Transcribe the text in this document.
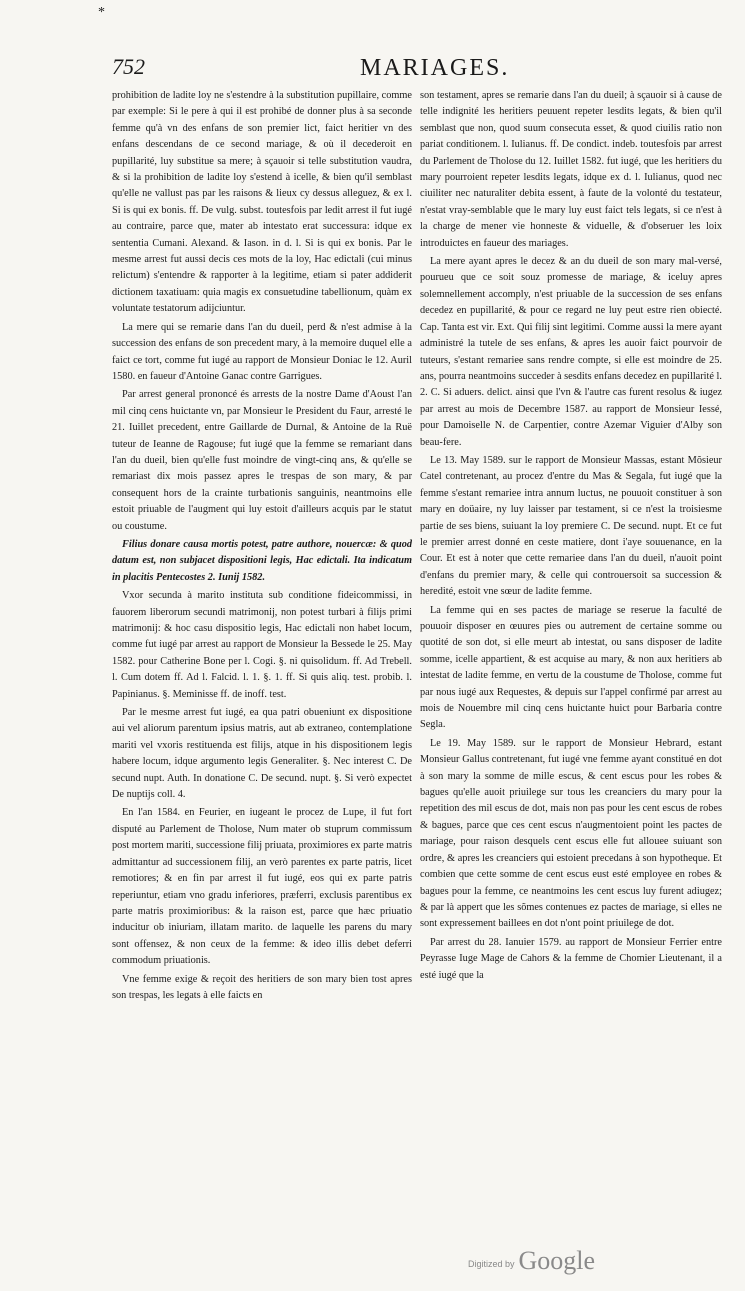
*
752	MARIAGES.

prohibition de ladite loy ne s'estendre à la substitution pupillaire, comme par exemple: Si le pere à qui il est prohibé de donner plus à sa seconde femme qu'à vn des enfans de son premier lict, faict heritier vn des enfans descendans de ce second mariage, & où il decederoit en pupillarité, luy substitue sa mere; à sçauoir si telle substitution vaudra, & si la prohibition de ladite loy s'estend à icelle, & bien qu'il semblast qu'elle ne vallust pas par les raisons & lieux cy dessus alleguez, & ex l. Si is qui ex bonis. ff. De vulg. subst. toutesfois par ledit arrest il fut iugé au contraire, parce que, mater ab intestato erat successura: idque ex sententia Cumani. Alexand. & Iason. in d. l. Si is qui ex bonis. Par le mesme arrest fut aussi decis ces mots de la loy, Hac edictali (cui minus relictum) s'entendre & rapporter à la legitime, etiam si pater addiderit dictionem taxatiuam: quia magis ex consuetudine tabellionum, quàm ex voluntate testatorum adijciuntur.

La mere qui se remarie dans l'an du dueil, perd & n'est admise à la succession des enfans de son precedent mary, à la memoire duquel elle a faict ce tort, comme fut iugé au rapport de Monsieur Doniac le 12. Auril 1580. en faueur d'Antoine Ganac contre Garrigues.

Par arrest general prononcé és arrests de la nostre Dame d'Aoust l'an mil cinq cens huictante vn, par Monsieur le President du Faur, arresté le 21. Iuillet precedent, entre Gaillarde de Durnal, & Antoine de la Ruë tuteur de Ieanne de Ragouse; fut iugé que la femme se remariant dans l'an du dueil, bien qu'elle fust moindre de vingt-cinq ans, & qu'elle se remariast dix mois passez apres le trespas de son mary, & par consequent hors de la crainte turbationis sanguinis, neantmoins elle estoit priuable de l'augment qui luy estoit d'ailleurs acquis par le statut ou coustume.

Filius donare causa mortis potest, patre authore, nouercæ: & quod datum est, non subjacet dispositioni legis, Hac edictali. Ita indicatum in placitis Pentecostes 2. Iunij 1582.

Vxor secunda à marito instituta sub conditione fideicommissi, in fauorem liberorum secundi matrimonij, non potest turbari à filijs primi matrimonij: & hoc casu dispositio legis, Hac edictali non habet locum, comme fut iugé par arrest au rapport de Monsieur la Bessede le 25. May 1582. pour Catherine Bone per l. Cogi. §. ni quisolidum. ff. Ad Trebell. l. Cum dotem ff. Ad l. Falcid. l. 1. §. 1. ff. Si quis aliq. test. probib. l. Papinianus. §. Meminisse ff. de inoff. test.

Par le mesme arrest fut iugé, ea qua patri obueniunt ex dispositione aui vel aliorum parentum ipsius matris, aut ab extraneo, contemplatione mariti vel vxoris restituenda est filijs, atque in his dispositionem legis habere locum, idque argumento legis Generaliter. §. Nec interest C. De secund nupt. Auth. In donatione C. De secund. nupt. §. Si verò expectet De nuptijs coll. 4.

En l'an 1584. en Feurier, en iugeant le procez de Lupe, il fut fort disputé au Parlement de Tholose, Num mater ob stuprum commissum post mortem mariti, successione filij priuata, proximiores ex parte matris admittantur ad successionem filij, an verò parentes ex parte patris, licet remotiores; & en fin par arrest il fut iugé, eos qui ex parte patris reperiuntur, etiam vno gradu inferiores, præferri, exclusis parentibus ex parte matris proximioribus: & la raison est, parce que hæc priuatio inducitur ob iniuriam, illatam marito. de laquelle les parens du mary sont offensez, & non ceux de la femme: & ideo illis debet deferri commodum priuationis.

Vne femme exige & reçoit des heritiers de son mary bien tost apres son trespas, les legats à elle faicts en

son testament, apres se remarie dans l'an du dueil; à sçauoir si à cause de telle indignité les heritiers peuuent repeter lesdits legats, & bien qu'il semblast que non, quod suum consecuta esset, & quod ciuilis ratio non pariat conditionem. l. Iulianus. ff. De condict. indeb. toutesfois par arrest du Parlement de Tholose du 12. Iuillet 1582. fut iugé, que les heritiers du mary pourroient repeter lesdits legats, idque ex d. l. Iulianus, quod nec ciuiliter nec naturaliter debita essent, à faute de la volonté du testateur, n'estat vray-semblable que le mary luy eust faict tels legats, si ce n'est à la charge de mener vie honneste & viduelle, & d'obseruer les loix introduictes en faueur des mariages.

La mere ayant apres le decez & an du dueil de son mary mal-versé, pourueu que ce soit souz promesse de mariage, & iceluy apres solemnellement accomply, n'est priuable de la succession de ses enfans decedez en pupillarité, & pour ce regard ne luy peut estre rien obiecté. Cap. Tanta est vir. Ext. Qui filij sint legitimi. Comme aussi la mere ayant administré la tutele de ses enfans, & apres les auoir faict pourvoir de tuteurs, s'estant remariee sans rendre compte, si elle est moindre de 25. ans, pourra neantmoins succeder à sesdits enfans decedez en pupillarité l. 2. C. Si aduers. delict. ainsi que l'vn & l'autre cas furent resolus & iugez par arrest au mois de Decembre 1587. au rapport de Monsieur Iessé, pour Damoiselle N. de Carpentier, contre Azemar Viguier d'Alby son beau-fere.

Le 13. May 1589. sur le rapport de Monsieur Massas, estant Mõsieur Catel contretenant, au procez d'entre du Mas & Segala, fut iugé que la femme s'estant remariee intra annum luctus, ne pouuoit constituer à son mary en doüaire, ny luy laisser par testament, si ce n'est la troisiesme partie de ses biens, suiuant la loy premiere C. De secund. nupt. Et ce fut le premier arrest donné en ceste matiere, dont i'aye souuenance, en la Cour. Et est à noter que cette remariee dans l'an du dueil, n'auoit point d'enfans du premier mary, & celle qui controuersoit sa succession & heredité, estoit vne sœur de ladite femme.

La femme qui en ses pactes de mariage se reserue la faculté de pouuoir disposer en œuures pies ou autrement de certaine somme ou quotité de son dot, si elle meurt ab intestat, ou sans disposer de ladite somme, icelle appartient, & est acquise au mary, & non aux heritiers ab intestat de ladite femme, en vertu de la coustume de Tholose, comme fut par nous iugé aux Requestes, & depuis sur l'appel confirmé par arrest au mois de Nouembre mil cinq cens huictante huict pour Barbaria contre Segla.

Le 19. May 1589. sur le rapport de Monsieur Hebrard, estant Monsieur Gallus contretenant, fut iugé vne femme ayant constitué en dot à son mary la somme de mille escus, & cent escus pour les robes & bagues qu'elle auoit priuilege sur tous les creanciers du mary pour la repetition des mil escus de dot, mais non pas pour les cent escus de robes & bagues, parce que ces cent escus n'augmentoient point les pactes de mariage, pour raison desquels cent escus elle fut allouee suiuant son ordre, & apres les creanciers qui estoient precedans à son hypotheque. Et combien que cette somme de cent escus eust esté employee en robes & bagues pour la femme, ce neantmoins les cent escus luy furent adiugez; & par là appert que les sõmes contenues ez pactes de mariage, si elles ne sont expressement baillees en dot n'ont point priuilege de dot.

Par arrest du 28. Ianuier 1579. au rapport de Monsieur Ferrier entre Peyrasse Iuge Mage de Cahors & la femme de Chomier Lieutenant, il a esté iugé que la

Digitized by Google
